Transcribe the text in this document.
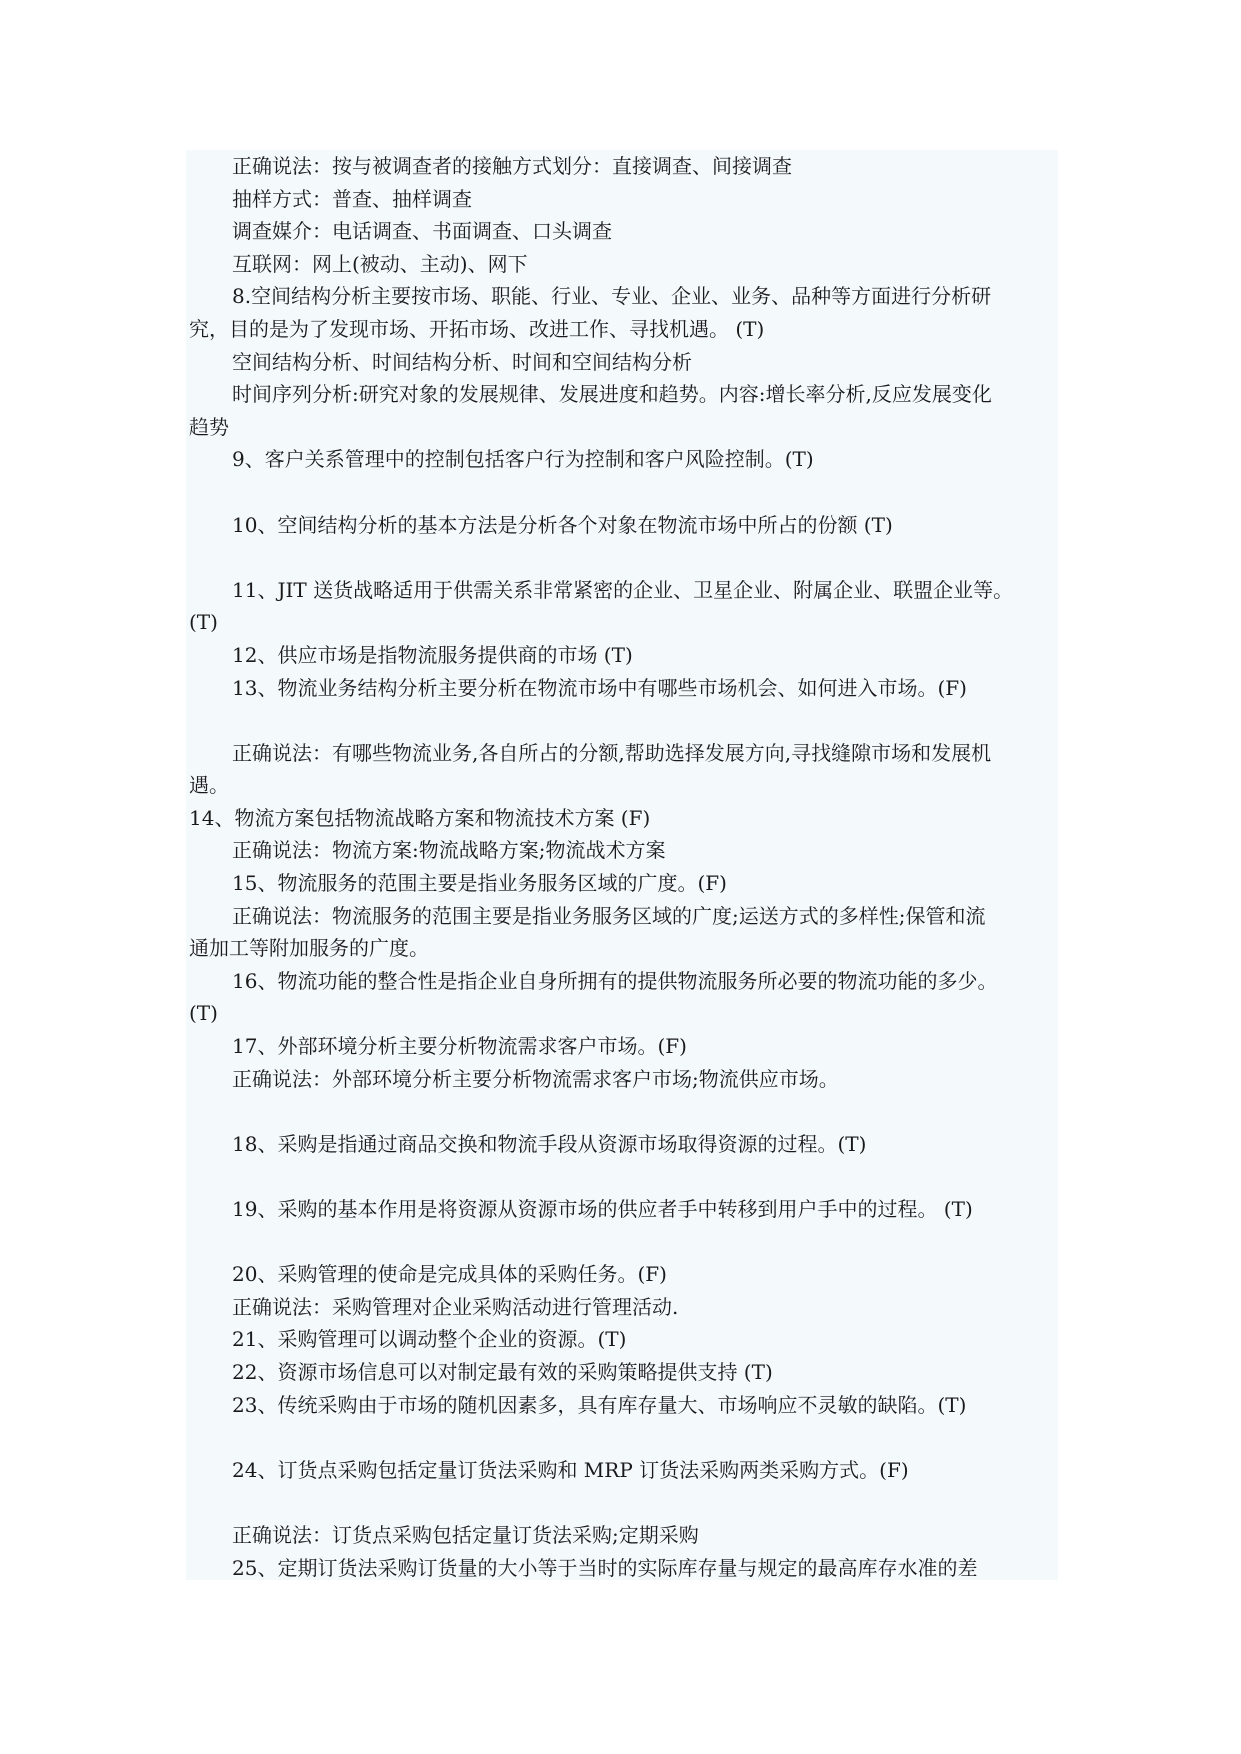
正确说法：按与被调查者的接触方式划分：直接调查、间接调查
抽样方式：普查、抽样调查
调查媒介：电话调查、书面调查、口头调查
互联网：网上(被动、主动)、网下
8.空间结构分析主要按市场、职能、行业、专业、企业、业务、品种等方面进行分析研
究，目的是为了发现市场、开拓市场、改进工作、寻找机遇。 (T)
空间结构分析、时间结构分析、时间和空间结构分析
时间序列分析:研究对象的发展规律、发展进度和趋势。内容:增长率分析,反应发展变化
趋势
9、客户关系管理中的控制包括客户行为控制和客户风险控制。(T)
10、空间结构分析的基本方法是分析各个对象在物流市场中所占的份额 (T)
11、JIT 送货战略适用于供需关系非常紧密的企业、卫星企业、附属企业、联盟企业等。
(T)
12、供应市场是指物流服务提供商的市场 (T)
13、物流业务结构分析主要分析在物流市场中有哪些市场机会、如何进入市场。(F)
正确说法：有哪些物流业务,各自所占的分额,帮助选择发展方向,寻找缝隙市场和发展机
遇。
14、物流方案包括物流战略方案和物流技术方案 (F)
正确说法：物流方案:物流战略方案;物流战术方案
15、物流服务的范围主要是指业务服务区域的广度。(F)
正确说法：物流服务的范围主要是指业务服务区域的广度;运送方式的多样性;保管和流
通加工等附加服务的广度。
16、物流功能的整合性是指企业自身所拥有的提供物流服务所必要的物流功能的多少。
(T)
17、外部环境分析主要分析物流需求客户市场。(F)
正确说法：外部环境分析主要分析物流需求客户市场;物流供应市场。
18、采购是指通过商品交换和物流手段从资源市场取得资源的过程。(T)
19、采购的基本作用是将资源从资源市场的供应者手中转移到用户手中的过程。 (T)
20、采购管理的使命是完成具体的采购任务。(F)
正确说法：采购管理对企业采购活动进行管理活动.
21、采购管理可以调动整个企业的资源。(T)
22、资源市场信息可以对制定最有效的采购策略提供支持 (T)
23、传统采购由于市场的随机因素多，具有库存量大、市场响应不灵敏的缺陷。(T)
24、订货点采购包括定量订货法采购和 MRP 订货法采购两类采购方式。(F)
正确说法：订货点采购包括定量订货法采购;定期采购
25、定期订货法采购订货量的大小等于当时的实际库存量与规定的最高库存水准的差
